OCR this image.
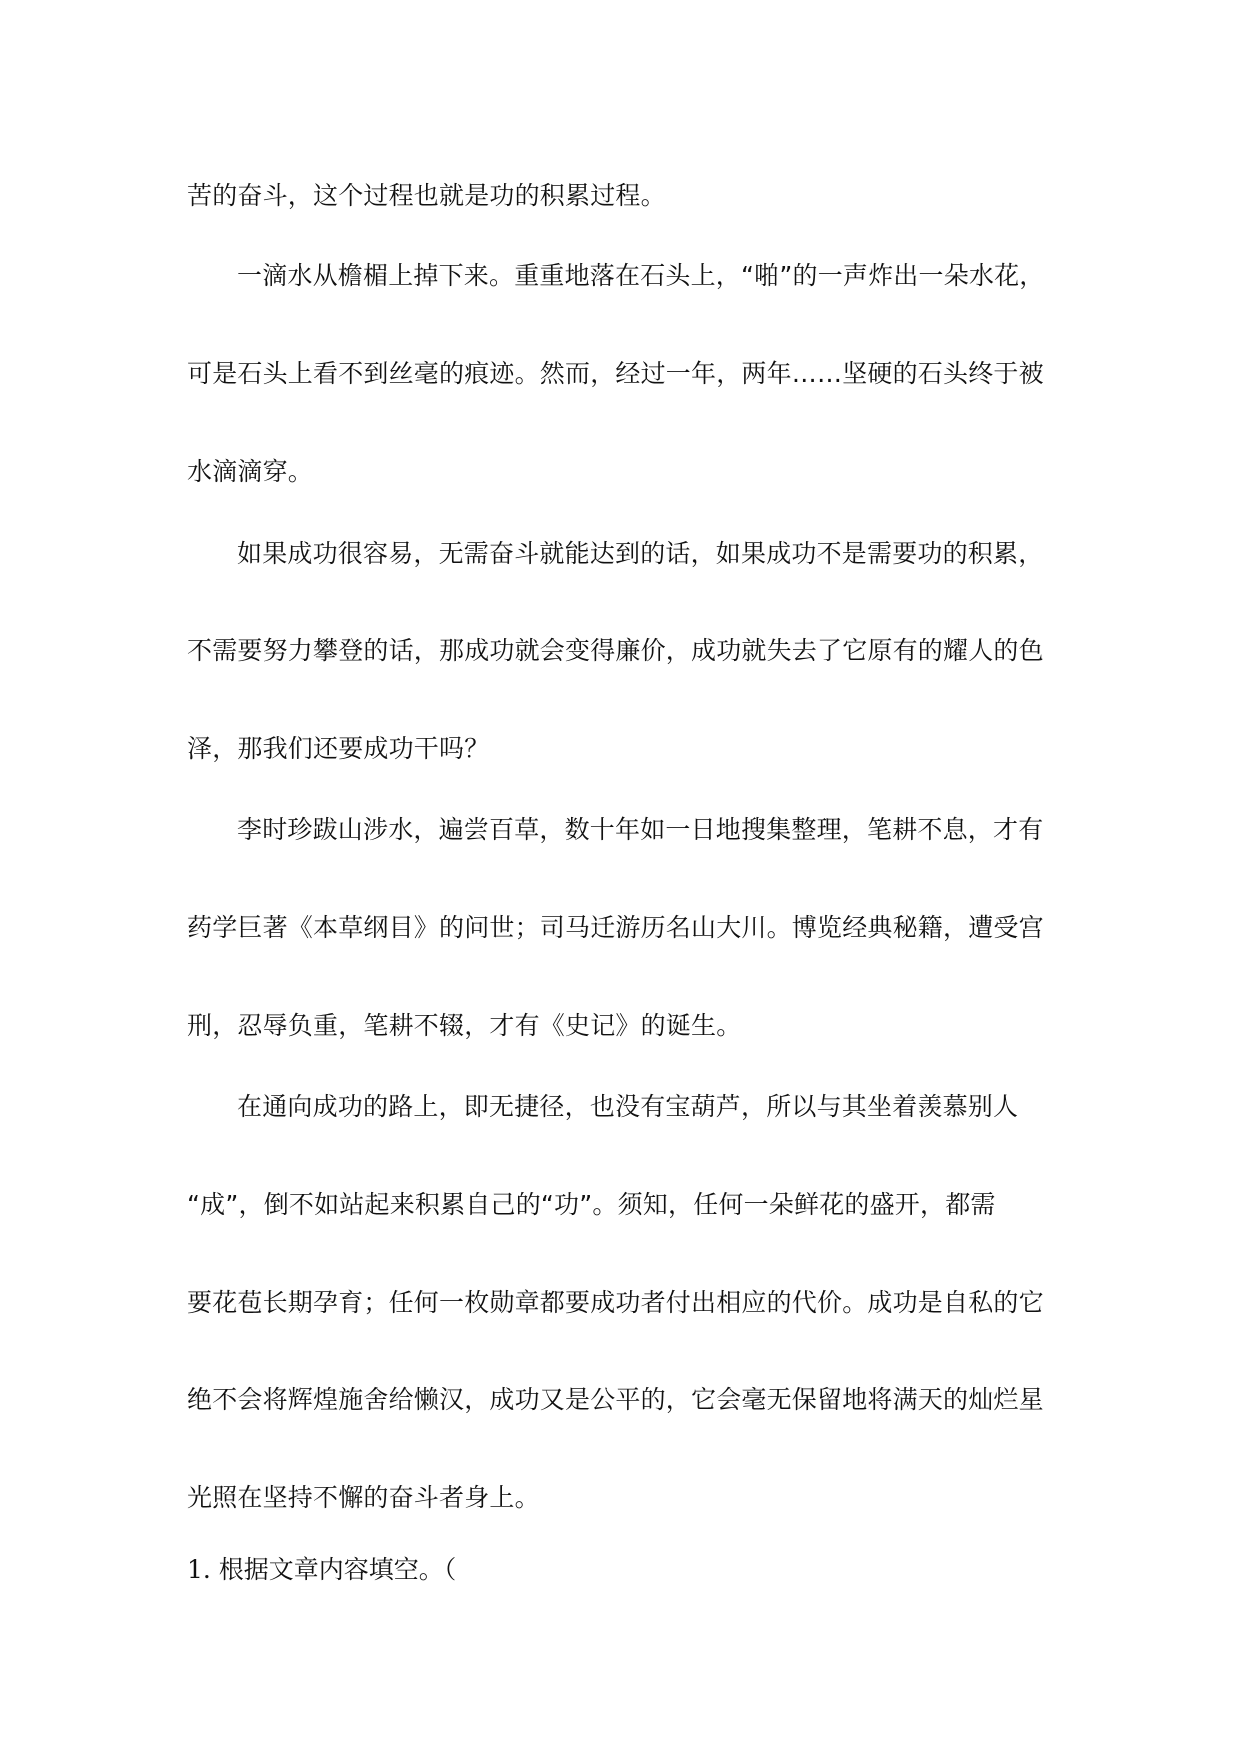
苦的奋斗，这个过程也就是功的积累过程。
一滴水从檐楣上掉下来。重重地落在石头上，“啪”的一声炸出一朵水花，
可是石头上看不到丝毫的痕迹。然而，经过一年，两年……坚硬的石头终于被
水滴滴穿。
如果成功很容易，无需奋斗就能达到的话，如果成功不是需要功的积累，
不需要努力攀登的话，那成功就会变得廉价，成功就失去了它原有的耀人的色
泽，那我们还要成功干吗？
李时珍跋山涉水，遍尝百草，数十年如一日地搜集整理，笔耕不息，才有
药学巨著《本草纲目》的问世；司马迁游历名山大川。博览经典秘籍，遭受宫
刑，忍辱负重，笔耕不辍，才有《史记》的诞生。
在通向成功的路上，即无捷径，也没有宝葫芦，所以与其坐着羡慕别人
“成”，倒不如站起来积累自己的“功”。须知，任何一朵鲜花的盛开，都需
要花苞长期孕育；任何一枚勋章都要成功者付出相应的代价。成功是自私的它
绝不会将辉煌施舍给懒汉，成功又是公平的，它会毫无保留地将满天的灿烂星
光照在坚持不懈的奋斗者身上。
1. 根据文章内容填空。（
